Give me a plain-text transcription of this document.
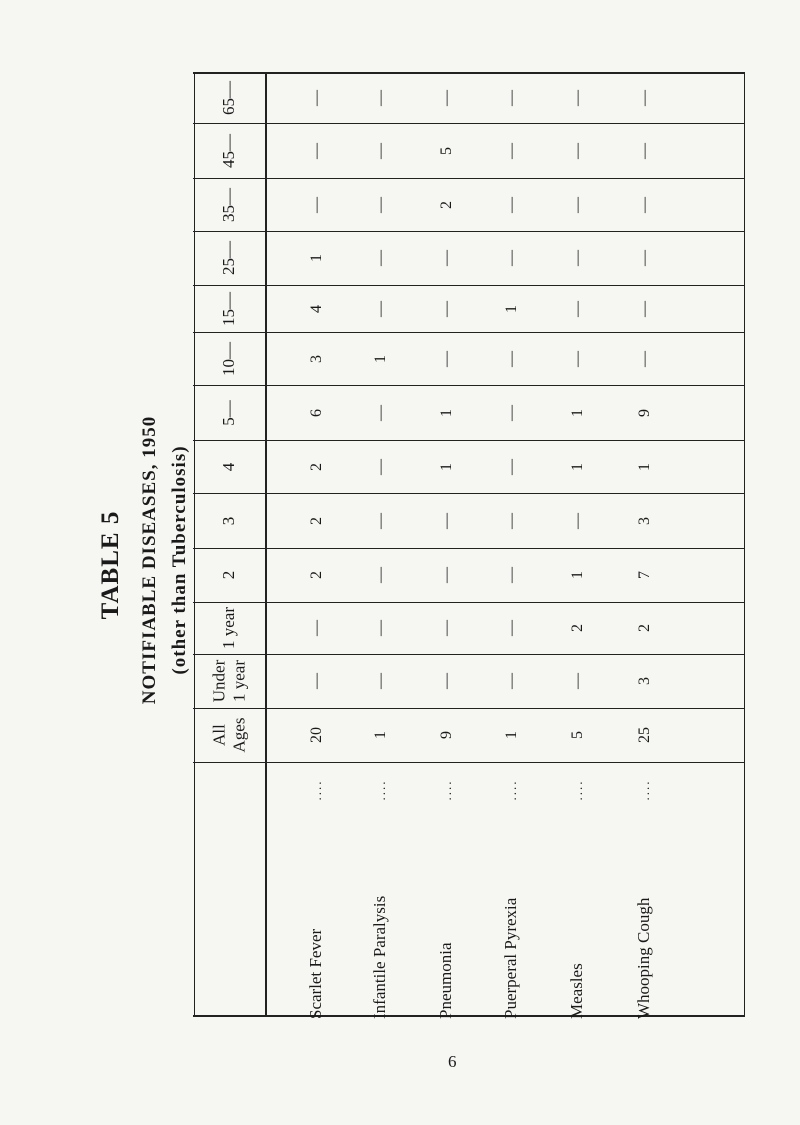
TABLE 5 NOTIFIABLE DISEASES, 1950 (other than Tuberculosis)
All Ages
Under 1 year
1 year
2
3
4
5—
10—
15—
25—
35—
45—
65—
Scarlet Fever
....
20
—
—
2
2
2
6
3
4
1
—
—
—
Infantile Paralysis
....
1
—
—
—
—
—
—
1
—
—
—
—
—
Pneumonia
....
9
—
—
—
—
1
1
—
—
—
2
5
—
Puerperal Pyrexia
....
1
—
—
—
—
—
—
—
1
—
—
—
—
Measles
....
5
—
2
1
—
1
1
—
—
—
—
—
—
Whooping Cough
....
25
3
2
7
3
1
9
—
—
—
—
—
—
6
